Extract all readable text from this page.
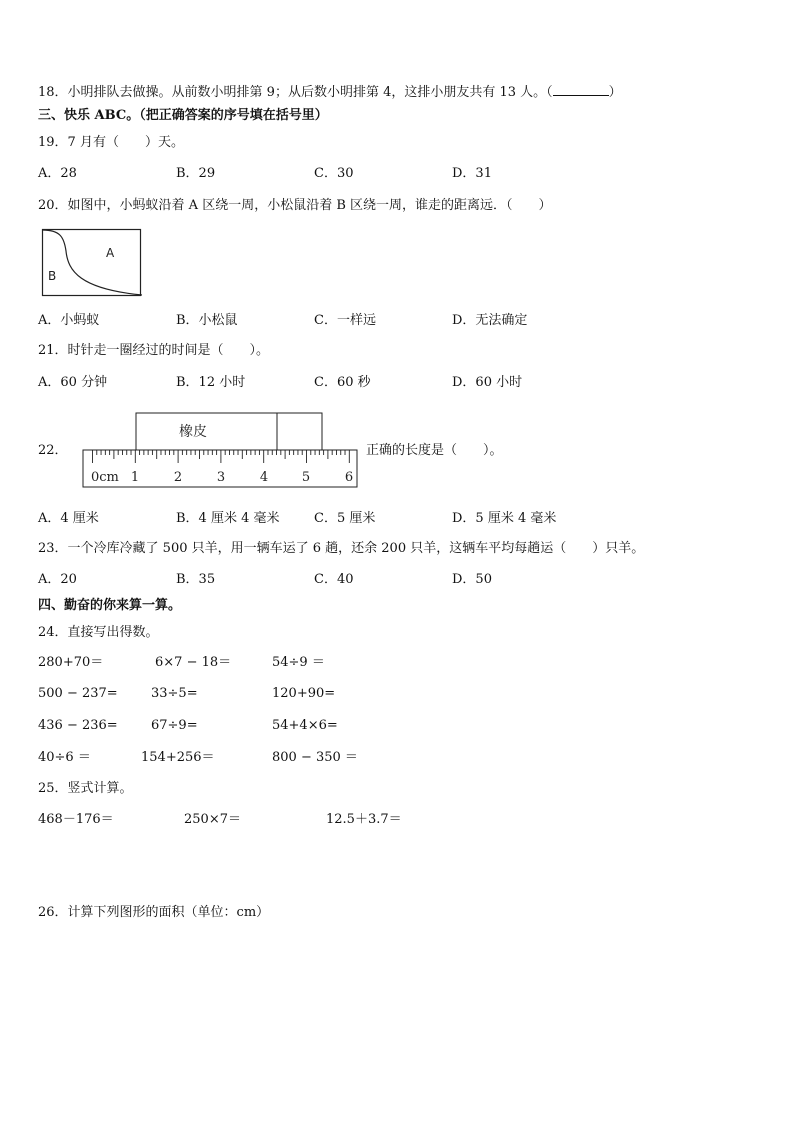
18．小明排队去做操。从前数小明排第 9；从后数小明排第 4，这排小朋友共有 13 人。（	）
三、快乐 ABC。（把正确答案的序号填在括号里）
19．7 月有（　　）天。
A．28	B．29	C．30	D．31
20．如图中，小蚂蚁沿着 A 区绕一周，小松鼠沿着 B 区绕一周，谁走的距离远．（　　）
A
B
A．小蚂蚁	B．小松鼠	C．一样远	D．无法确定
21．时针走一圈经过的时间是（　　）。
A．60 分钟	B．12 小时	C．60 秒	D．60 小时
22．
橡皮
0cm 1	2	3	4	5	6
正确的长度是（　　）。
A．4 厘米	B．4 厘米 4 毫米	C．5 厘米	D．5 厘米 4 毫米
23．一个冷库冷藏了 500 只羊，用一辆车运了 6 趟，还余 200 只羊，这辆车平均每趟运（　　）只羊。
A．20	B．35	C．40	D．50
四、勤奋的你来算一算。
24．直接写出得数。
280+70＝	6×7 − 18＝	54÷9 ＝
500 − 237=	33÷5=	120+90=
436 − 236=	67÷9=	54+4×6=
40÷6 ＝	154+256＝	800 − 350 ＝
25．竖式计算。
468－176＝	250×7＝	12.5＋3.7＝
26．计算下列图形的面积（单位：cm）
